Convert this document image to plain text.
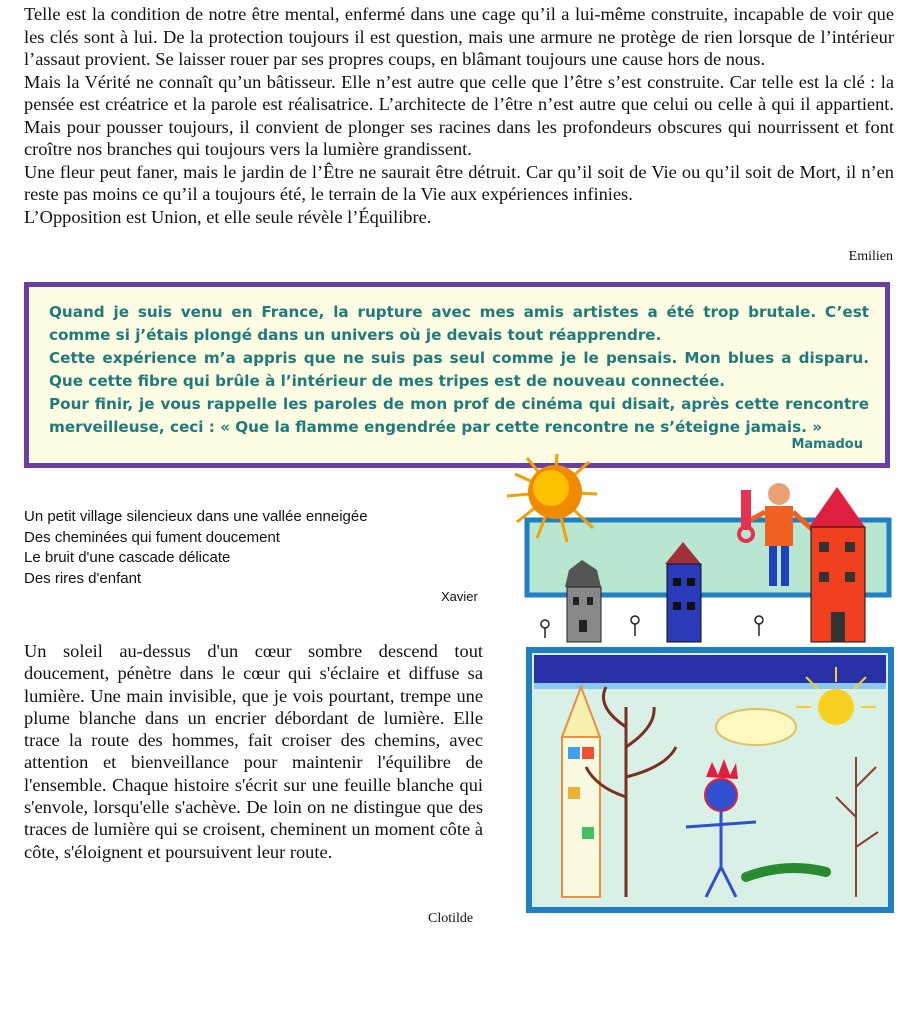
Telle est la condition de notre être mental, enfermé dans une cage qu’il a lui-même construite, incapable de voir que les clés sont à lui. De la protection toujours il est question, mais une armure ne protège de rien lorsque de l’intérieur l’assaut provient. Se laisser rouer par ses propres coups, en blâmant toujours une cause hors de nous.

Mais la Vérité ne connaît qu’un bâtisseur. Elle n’est autre que celle que l’être s’est construite. Car telle est la clé : la pensée est créatrice et la parole est réalisatrice. L’architecte de l’être n’est autre que celui ou celle à qui il appartient. Mais pour pousser toujours, il convient de plonger ses racines dans les profondeurs obscures qui nourrissent et font croître nos branches qui toujours vers la lumière grandissent.

Une fleur peut faner, mais le jardin de l’Être ne saurait être détruit. Car qu’il soit de Vie ou qu’il soit de Mort, il n’en reste pas moins ce qu’il a toujours été, le terrain de la Vie aux expériences infinies.

L’Opposition est Union, et elle seule révèle l’Équilibre.

Emilien

Quand je suis venu en France, la rupture avec mes amis artistes a été trop brutale. C’est comme si j’étais plongé dans un univers où je devais tout réapprendre.

Cette expérience m’a appris que ne suis pas seul comme je le pensais. Mon blues a disparu. Que cette fibre qui brûle à l’intérieur de mes tripes est de nouveau connectée.

Pour finir, je vous rappelle les paroles de mon prof de cinéma qui disait, après cette rencontre merveilleuse, ceci : « Que la flamme engendrée par cette rencontre ne s’éteigne jamais. »

Mamadou
Un petit village silencieux dans une vallée enneigée
Des cheminées qui fument doucement
Le bruit d'une cascade délicate
Des rires d'enfant
Xavier
Un soleil au-dessus d'un cœur sombre descend tout doucement, pénètre dans le cœur qui s'éclaire et diffuse sa lumière. Une main invisible, que je vois pourtant, trempe une plume blanche dans un encrier débordant de lumière. Elle trace la route des hommes, fait croiser des chemins, avec attention et bienveillance pour maintenir l'équilibre de l'ensemble. Chaque histoire s'écrit sur une feuille blanche qui s'envole, lorsqu'elle s'achève. De loin on ne distingue que des traces de lumière qui se croisent, cheminent un moment côte à côte, s'éloignent et poursuivent leur route.
Clotilde
